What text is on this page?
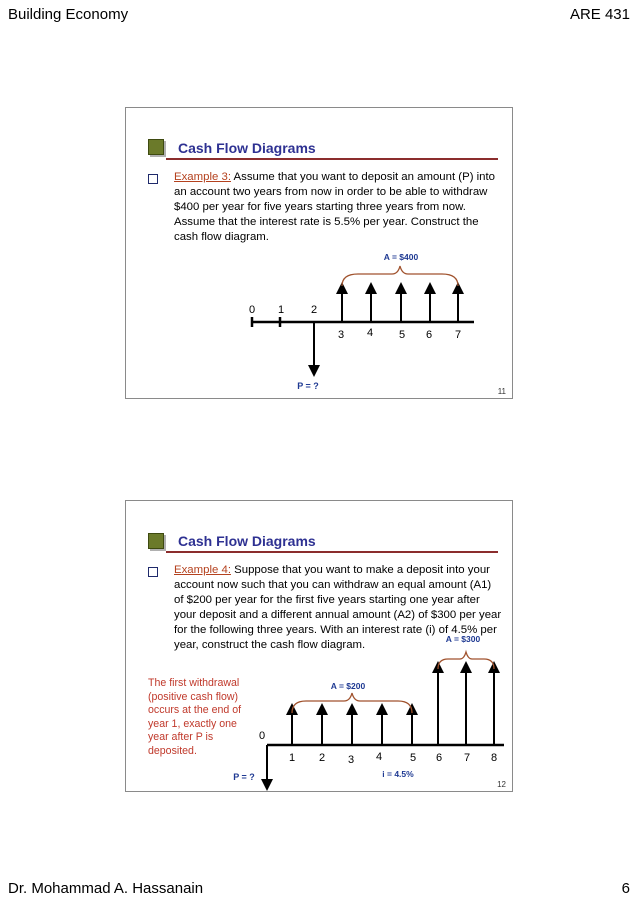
Building Economy	ARE 431
Cash Flow Diagrams
Example 3: Assume that you want to deposit an amount (P) into an account two years from now in order to be able to withdraw $400 per year for five years starting three years from now. Assume that the interest rate is 5.5% per year. Construct the cash flow diagram.
A = $400
P = ?
0 1 2
3 4 5 6 7
11
Cash Flow Diagrams
Example 4: Suppose that you want to make a deposit into your account now such that you can withdraw an equal amount (A1) of $200 per year for the first five years starting one year after your deposit and a different annual amount (A2) of $300 per year for the following three years. With an interest rate (i) of 4.5% per year, construct the cash flow diagram.
The first withdrawal (positive cash flow) occurs at the end of year 1, exactly one year after P is deposited.
A = $200
A = $300
P = ?	i = 4.5%
0
1 2 3 4	5 6 7 8
12
Dr. Mohammad A. Hassanain	6
